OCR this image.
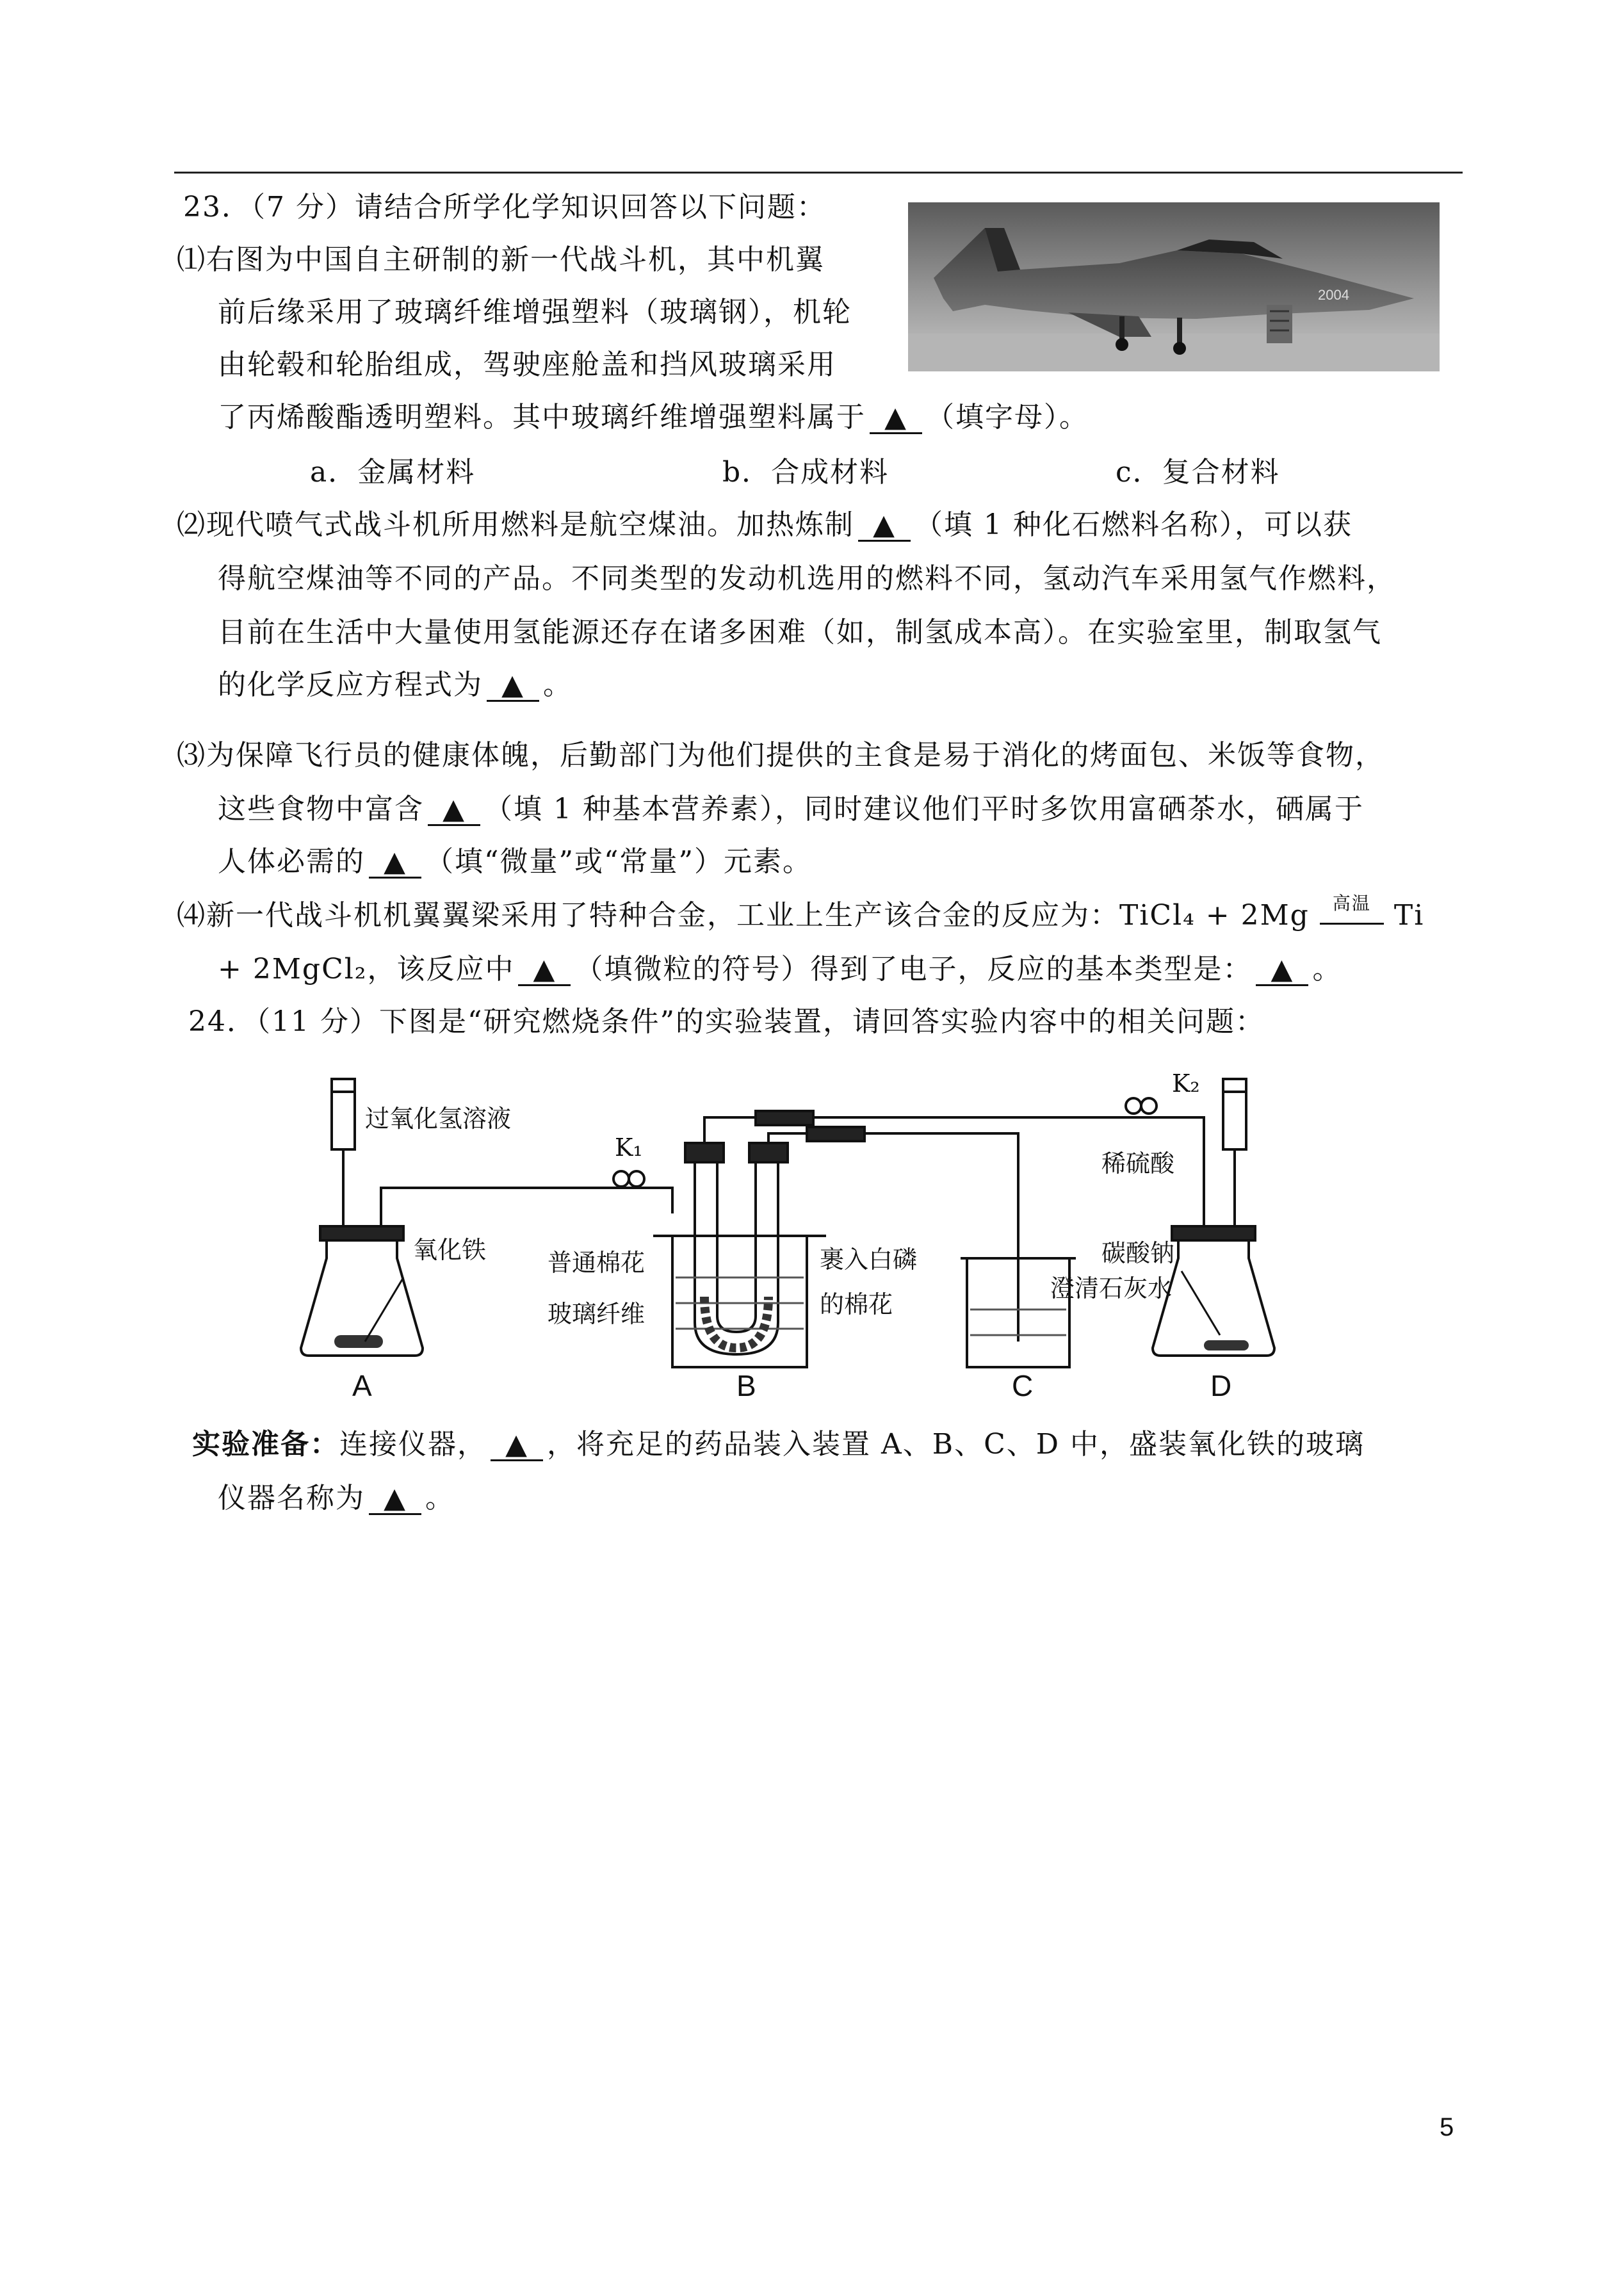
23．（7 分）请结合所学化学知识回答以下问题：
⑴右图为中国自主研制的新一代战斗机，其中机翼
前后缘采用了玻璃纤维增强塑料（玻璃钢），机轮
由轮毂和轮胎组成，驾驶座舱盖和挡风玻璃采用
了丙烯酸酯透明塑料。其中玻璃纤维增强塑料属于 ▲ （填字母）。
a．金属材料	b．合成材料	c．复合材料
2004
⑵现代喷气式战斗机所用燃料是航空煤油。加热炼制 ▲ （填 1 种化石燃料名称），可以获
得航空煤油等不同的产品。不同类型的发动机选用的燃料不同，氢动汽车采用氢气作燃料，
目前在生活中大量使用氢能源还存在诸多困难（如，制氢成本高）。在实验室里，制取氢气
的化学反应方程式为 ▲ 。
⑶为保障飞行员的健康体魄，后勤部门为他们提供的主食是易于消化的烤面包、米饭等食物，
这些食物中富含 ▲ （填 1 种基本营养素），同时建议他们平时多饮用富硒茶水，硒属于
人体必需的 ▲ （填“微量”或“常量”）元素。
⑷新一代战斗机机翼翼梁采用了特种合金，工业上生产该合金的反应为：TiCl₄ + 2Mg	高温 Ti
+ 2MgCl₂，该反应中 ▲ （填微粒的符号）得到了电子，反应的基本类型是： ▲ 。
24．（11 分）下图是“研究燃烧条件”的实验装置，请回答实验内容中的相关问题：
过氧化氢溶液
氧化铁
K₁
K₂
普通棉花
玻璃纤维
裹入白磷
的棉花
澄清石灰水
稀硫酸
碳酸钠
A	B	C	D
实验准备：连接仪器， ▲ ，将充足的药品装入装置 A、B、C、D 中，盛装氧化铁的玻璃
仪器名称为 ▲ 。
5
